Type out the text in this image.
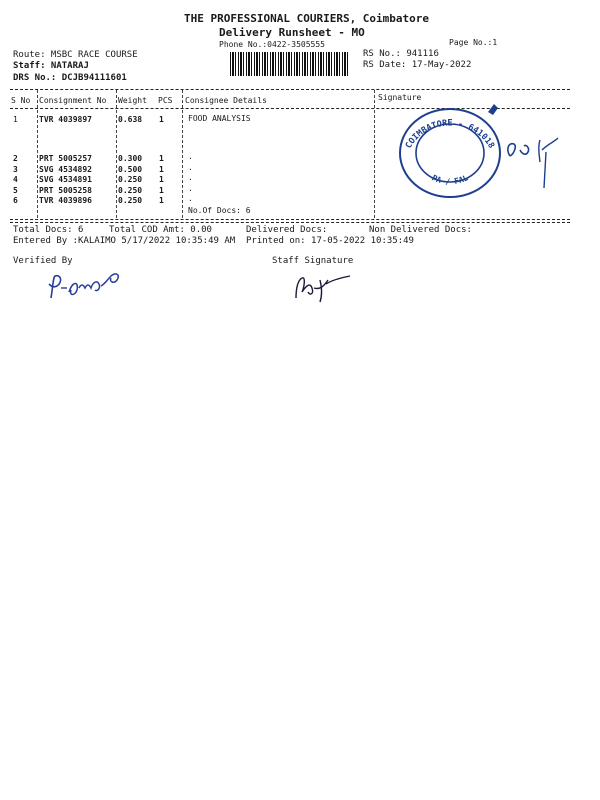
THE PROFESSIONAL COURIERS, Coimbatore
Delivery Runsheet - MO
Phone No.:0422-3505555	Page No.:1
Route: MSBC RACE COURSE
Staff: NATARAJ
DRS No.: DCJB94111601
RS No.: 941116
RS Date: 17-May-2022
S No Consignment No Weight PCS Consignee Details	Signature
1	TVR 4039897	0.638 1	FOOD ANALYSIS
2	PRT 5005257	0.300 1	.
3	SVG 4534892	0.500 1	.
4	SVG 4534891	0.250 1	.
5	PRT 5005258	0.250 1	.
6	TVR 4039896	0.250 1	.
No.Of Docs: 6
COIMBATORE - 641018
PA / FAL
Total Docs: 6	Total COD Amt: 0.00	Delivered Docs:	Non Delivered Docs:
Entered By :KALAIMO 5/17/2022 10:35:49 AM Printed on: 17-05-2022 10:35:49
Verified By	Staff Signature
